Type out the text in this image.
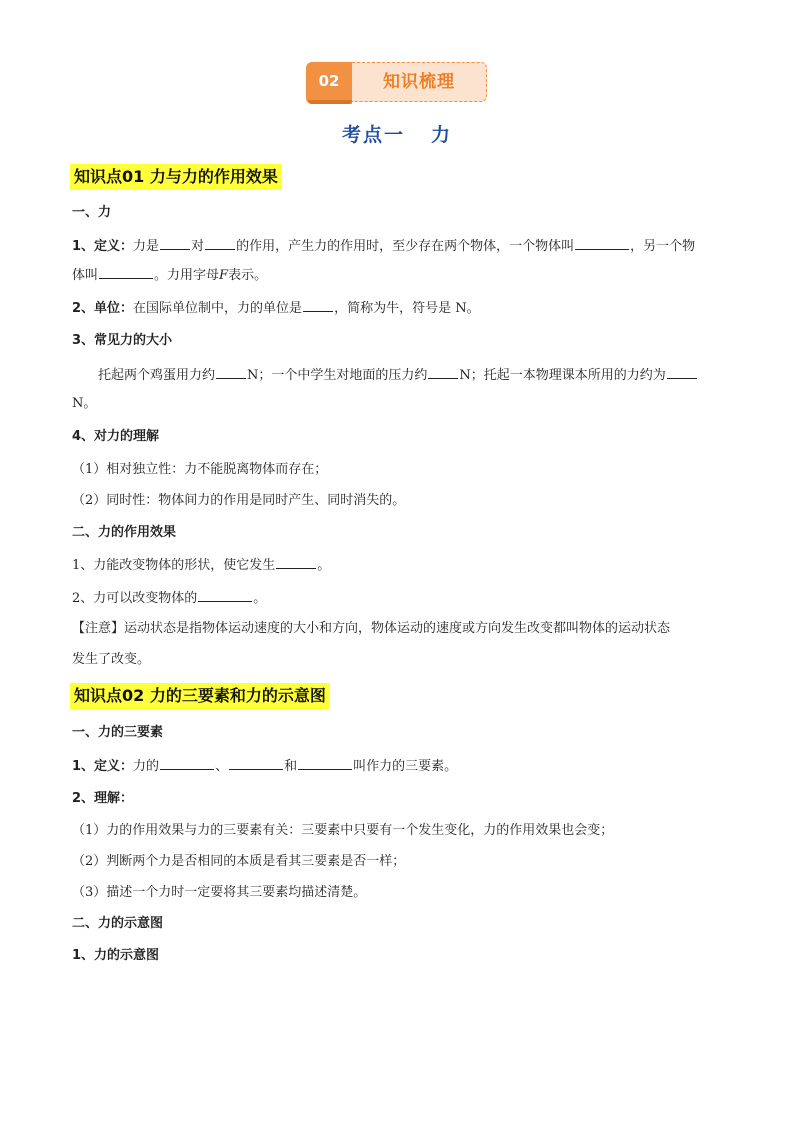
02	知识梳理
考点一 力
知识点01 力与力的作用效果
一、力
1、定义：力是 对 的作用，产生力的作用时，至少存在两个物体，一个物体叫	，另一个物
体叫	。力用字母F表示。
2、单位：在国际单位制中，力的单位是 ，简称为牛，符号是 N。
3、常见力的大小
托起两个鸡蛋用力约 N；一个中学生对地面的压力约 N；托起一本物理课本所用的力约为
N。
4、对力的理解
（1）相对独立性：力不能脱离物体而存在；
（2）同时性：物体间力的作用是同时产生、同时消失的。
二、力的作用效果
1、力能改变物体的形状，使它发生	。
2、力可以改变物体的	。
【注意】运动状态是指物体运动速度的大小和方向，物体运动的速度或方向发生改变都叫物体的运动状态
发生了改变。
知识点02 力的三要素和力的示意图
一、力的三要素
1、定义：力的	、	和	叫作力的三要素。
2、理解：
（1）力的作用效果与力的三要素有关：三要素中只要有一个发生变化，力的作用效果也会变；
（2）判断两个力是否相同的本质是看其三要素是否一样；
（3）描述一个力时一定要将其三要素均描述清楚。
二、力的示意图
1、力的示意图
